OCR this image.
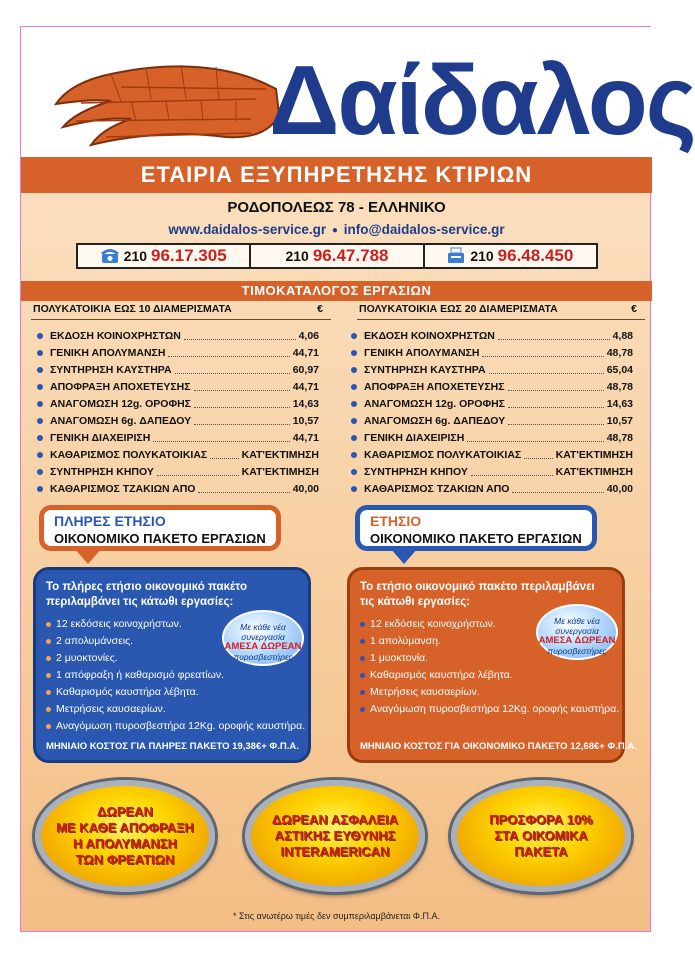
Δαίδαλος
ΕΤΑΙΡΙΑ ΕΞΥΠΗΡΕΤΗΣΗΣ ΚΤΙΡΙΩΝ
ΡΟΔΟΠΟΛΕΩΣ 78 - ΕΛΛΗΝΙΚΟ
www.daidalos-service.gr ● info@daidalos-service.gr
210 96.17.305	210 96.47.788	210 96.48.450
ΤΙΜΟΚΑΤΑΛΟΓΟΣ ΕΡΓΑΣΙΩΝ
ΠΟΛΥΚΑΤΟΙΚΙΑ ΕΩΣ 10 ΔΙΑΜΕΡΙΣΜΑΤΑ	€	ΠΟΛΥΚΑΤΟΙΚΙΑ ΕΩΣ 20 ΔΙΑΜΕΡΙΣΜΑΤΑ	€
ΕΚΔΟΣΗ ΚΟΙΝΟΧΡΗΣΤΩΝ	4,06
ΓΕΝΙΚΗ ΑΠΟΛΥΜΑΝΣΗ	44,71
ΣΥΝΤΗΡΗΣΗ ΚΑΥΣΤΗΡΑ	60,97
ΑΠΟΦΡΑΞΗ ΑΠΟΧΕΤΕΥΣΗΣ	44,71
ΑΝΑΓΟΜΩΣΗ 12g. ΟΡΟΦΗΣ	14,63
ΑΝΑΓΟΜΩΣΗ 6g. ΔΑΠΕΔΟΥ	10,57
ΓΕΝΙΚΗ ΔΙΑΧΕΙΡΙΣΗ	44,71
ΚΑΘΑΡΙΣΜΟΣ ΠΟΛΥΚΑΤΟΙΚΙΑΣ	ΚΑΤ'ΕΚΤΙΜΗΣΗ
ΣΥΝΤΗΡΗΣΗ ΚΗΠΟΥ	ΚΑΤ'ΕΚΤΙΜΗΣΗ
ΚΑΘΑΡΙΣΜΟΣ ΤΖΑΚΙΩΝ ΑΠΟ	40,00
ΕΚΔΟΣΗ ΚΟΙΝΟΧΡΗΣΤΩΝ	4,88
ΓΕΝΙΚΗ ΑΠΟΛΥΜΑΝΣΗ	48,78
ΣΥΝΤΗΡΗΣΗ ΚΑΥΣΤΗΡΑ	65,04
ΑΠΟΦΡΑΞΗ ΑΠΟΧΕΤΕΥΣΗΣ	48,78
ΑΝΑΓΟΜΩΣΗ 12g. ΟΡΟΦΗΣ	14,63
ΑΝΑΓΟΜΩΣΗ 6g. ΔΑΠΕΔΟΥ	10,57
ΓΕΝΙΚΗ ΔΙΑΧΕΙΡΙΣΗ	48,78
ΚΑΘΑΡΙΣΜΟΣ ΠΟΛΥΚΑΤΟΙΚΙΑΣ	ΚΑΤ'ΕΚΤΙΜΗΣΗ
ΣΥΝΤΗΡΗΣΗ ΚΗΠΟΥ	ΚΑΤ'ΕΚΤΙΜΗΣΗ
ΚΑΘΑΡΙΣΜΟΣ ΤΖΑΚΙΩΝ ΑΠΟ	40,00
ΠΛΗΡΕΣ ΕΤΗΣΙΟ
ΟΙΚΟΝΟΜΙΚΟ ΠΑΚΕΤΟ ΕΡΓΑΣΙΩΝ
ΕΤΗΣΙΟ
ΟΙΚΟΝΟΜΙΚΟ ΠΑΚΕΤΟ ΕΡΓΑΣΙΩΝ
Το πλήρες ετήσιο οικονομικό πακέτο περιλαμβάνει τις κάτωθι εργασίες:
12 εκδόσεις κοινοχρήστων.
2 απολυμάνσεις.
2 μυοκτονίες.
1 απόφραξη ή καθαρισμό φρεατίων.
Καθαρισμός καυστήρα λέβητα.
Μετρήσεις καυσαερίων.
Αναγόμωση πυροσβεστήρα 12Kg. οροφής καυστήρα.
Με κάθε νέα
συνεργασία
ΑΜΕΣΑ ΔΩΡΕΑΝ
πυροσβεστήρες
ΜΗΝΙΑΙΟ ΚΟΣΤΟΣ ΓΙΑ ΠΛΗΡΕΣ ΠΑΚΕΤΟ 19,38€+ Φ.Π.Α.
Το ετήσιο οικονομικό πακέτο περιλαμβάνει τις κάτωθι εργασίες:
12 εκδόσεις κοινοχρήστων.
1 απολύμανση.
1 μυοκτονία.
Καθαρισμός καυστήρα λέβητα.
Μετρήσεις καυσαερίων.
Αναγόμωση πυροσβεστήρα 12Kg. οροφής καυστήρα.
Με κάθε νέα
συνεργασία
ΑΜΕΣΑ ΔΩΡΕΑΝ
πυροσβεστήρες
ΜΗΝΙΑΙΟ ΚΟΣΤΟΣ ΓΙΑ ΟΙΚΟΝΟΜΙΚΟ ΠΑΚΕΤΟ 12,68€+ Φ.Π.Α.
ΔΩΡΕΑΝ
ΜΕ ΚΑΘΕ ΑΠΟΦΡΑΞΗ
Η ΑΠΟΛΥΜΑΝΣΗ
ΤΩΝ ΦΡΕΑΤΙΩΝ
ΔΩΡΕΑΝ ΑΣΦΑΛΕΙΑ
ΑΣΤΙΚΗΣ ΕΥΘΥΝΗΣ
INTERAMERICAN
ΠΡΟΣΦΟΡΑ 10%
ΣΤΑ ΟΙΚΟΜΙΚΑ
ΠΑΚΕΤΑ
* Στις ανωτέρω τιμές δεν συμπεριλαμβάνεται Φ.Π.Α.
